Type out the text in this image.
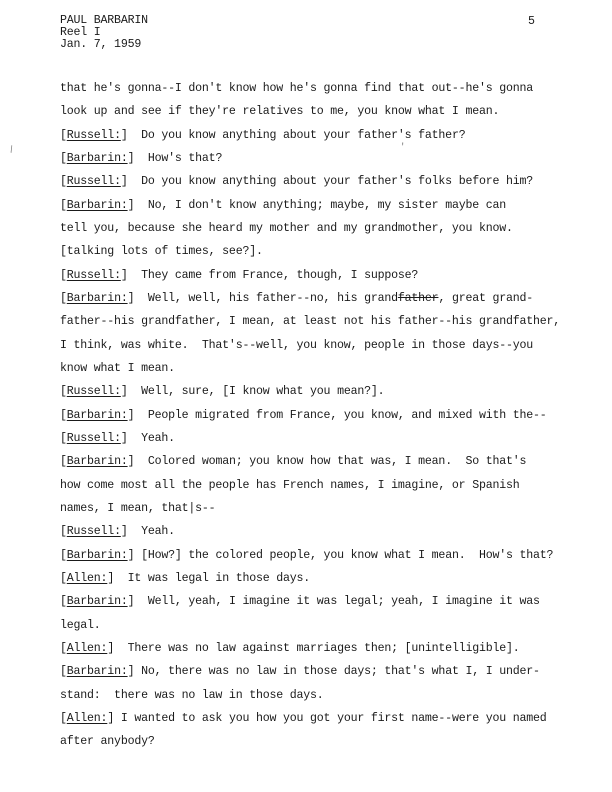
PAUL BARBARIN
Reel I
Jan. 7, 1959
5
that he's gonna--I don't know how he's gonna find that out--he's gonna
look up and see if they're relatives to me, you know what I mean.
[Russell:]  Do you know anything about your father's father?
[Barbarin:]  How's that?
[Russell:]  Do you know anything about your father's folks before him?
[Barbarin:]  No, I don't know anything; maybe, my sister maybe can
tell you, because she heard my mother and my grandmother, you know.
[talking lots of times, see?].
[Russell:]  They came from France, though, I suppose?
[Barbarin:]  Well, well, his father--no, his grandfather, great grand-
father--his grandfather, I mean, at least not his father--his grandfather,
I think, was white.  That's--well, you know, people in those days--you
know what I mean.
[Russell:]  Well, sure, [I know what you mean?].
[Barbarin:]  People migrated from France, you know, and mixed with the--
[Russell:]  Yeah.
[Barbarin:]  Colored woman; you know how that was, I mean.  So that's
how come most all the people has French names, I imagine, or Spanish
names, I mean, that|s--
[Russell:]  Yeah.
[Barbarin:] [How?] the colored people, you know what I mean.  How's that?
[Allen:]  It was legal in those days.
[Barbarin:]  Well, yeah, I imagine it was legal; yeah, I imagine it was
legal.
[Allen:]  There was no law against marriages then; [unintelligible].
[Barbarin:] No, there was no law in those days; that's what I, I under-
stand:  there was no law in those days.
[Allen:] I wanted to ask you how you got your first name--were you named
after anybody?
\	'
